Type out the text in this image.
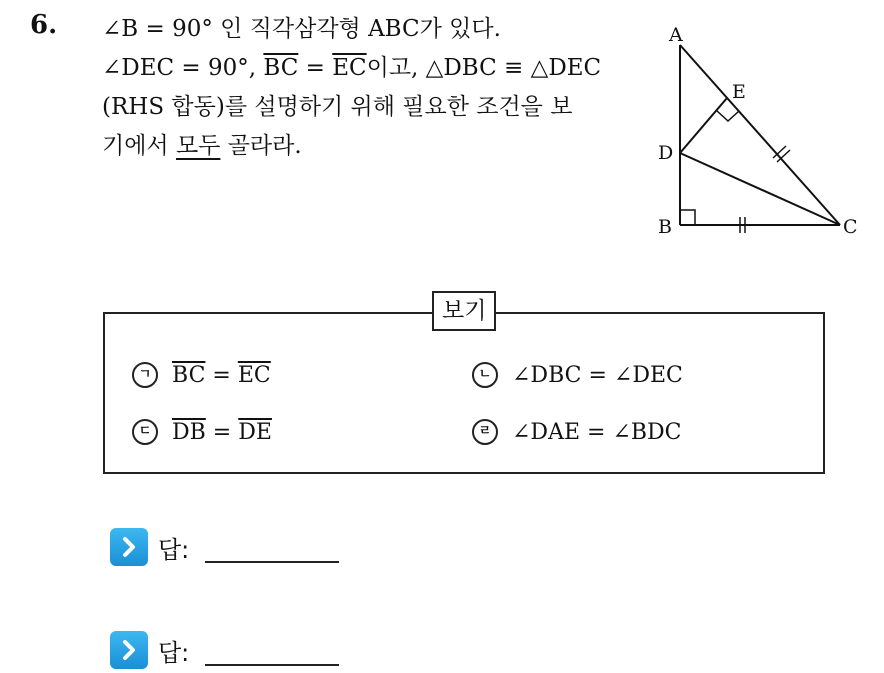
6. ∠B = 90° 인 직각삼각형 ABC가 있다.
∠DEC = 90°, $\overline{BC} = \overline{EC}$이고, △DBC ≡ △DEC
(RHS 합동)를 설명하기 위해 필요한 조건을 보
기에서 모두 골라라.
A
E
D
B	C
보기
ㄱ $\overline{BC} = \overline{EC}$	ㄴ ∠DBC = ∠DEC
ㄷ $\overline{DB} = \overline{DE}$	ㄹ ∠DAE = ∠BDC
답:
답:
